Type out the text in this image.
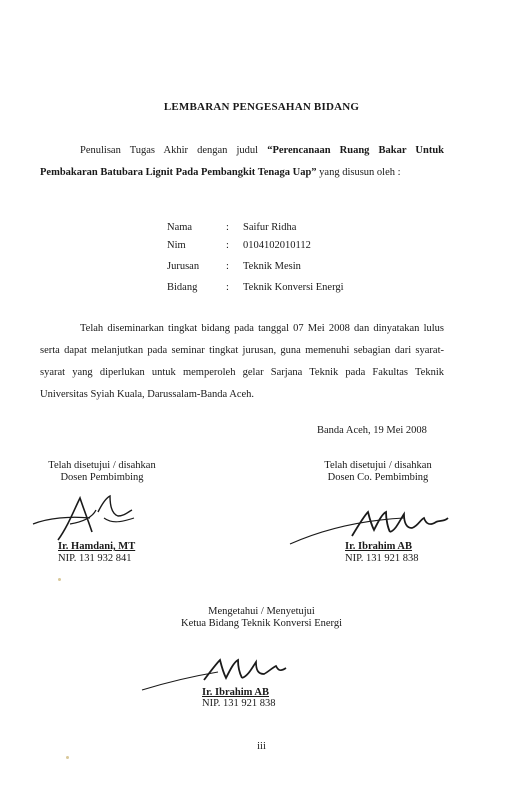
LEMBARAN PENGESAHAN BIDANG
Penulisan Tugas Akhir dengan judul “Perencanaan Ruang Bakar Untuk Pembakaran Batubara Lignit Pada Pembangkit Tenaga Uap” yang disusun oleh :
Nama	: Saifur Ridha
Nim	: 0104102010112
Jurusan	: Teknik Mesin
Bidang	: Teknik Konversi Energi
Telah diseminarkan tingkat bidang pada tanggal 07 Mei 2008 dan dinyatakan lulus serta dapat melanjutkan pada seminar tingkat jurusan, guna memenuhi sebagian dari syarat-syarat yang diperlukan untuk memperoleh gelar Sarjana Teknik pada Fakultas Teknik Universitas Syiah Kuala, Darussalam-Banda Aceh.
Banda Aceh, 19 Mei 2008
Telah disetujui / disahkan
Dosen Pembimbing
Ir. Hamdani, MT
NIP. 131 932 841
Telah disetujui / disahkan
Dosen Co. Pembimbing
Ir. Ibrahim AB
NIP. 131 921 838
Mengetahui / Menyetujui
Ketua Bidang Teknik Konversi Energi
Ir. Ibrahim AB
NIP. 131 921 838
iii
